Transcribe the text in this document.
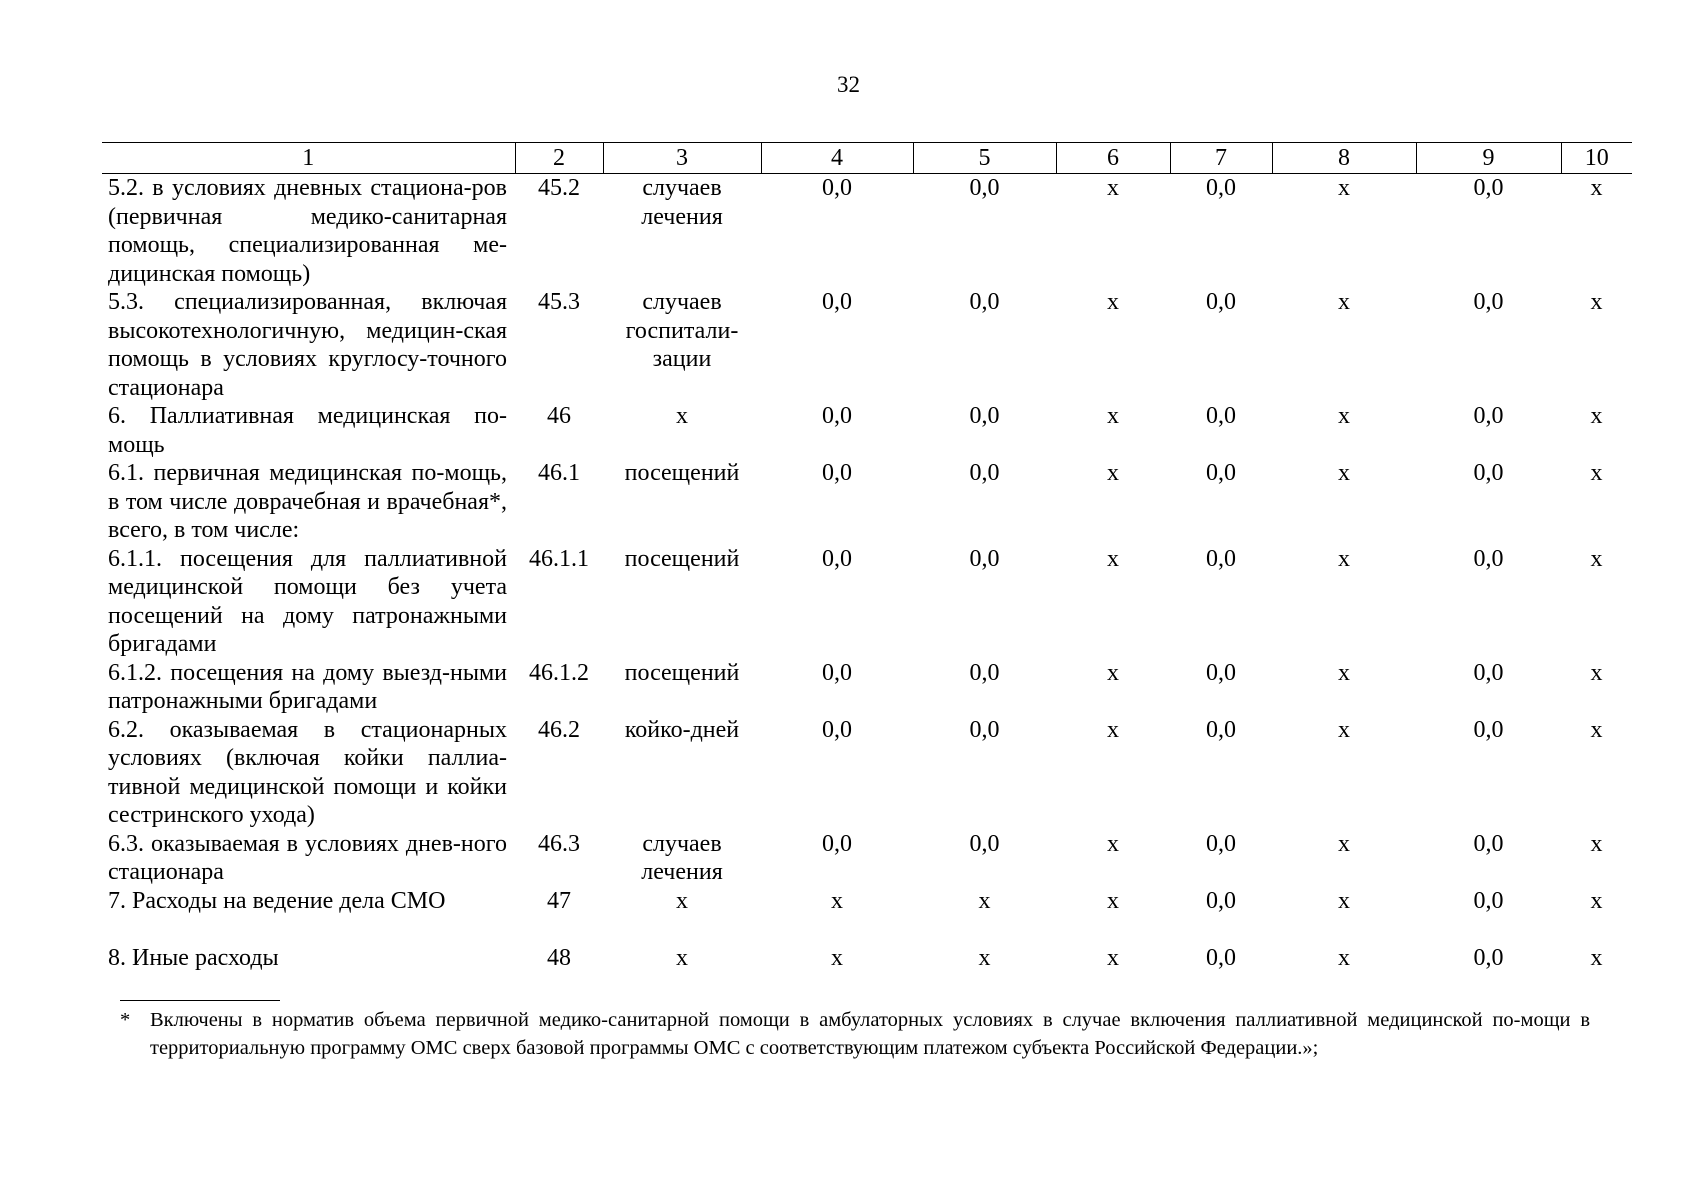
32
1	2	3	4	5	6	7	8	9	10
5.2. в условиях дневных стациона-ров (первичная медико-санитарная помощь, специализированная ме-дицинская помощь)	45.2	случаев лечения	0,0	0,0	x	0,0	x	0,0	x
5.3. специализированная, включая высокотехнологичную, медицин-ская помощь в условиях круглосу-точного стационара	45.3	случаев госпитали-зации	0,0	0,0	x	0,0	x	0,0	x
6. Паллиативная медицинская по-мощь	46	x	0,0	0,0	x	0,0	x	0,0	x
6.1. первичная медицинская по-мощь, в том числе доврачебная и врачебная*, всего, в том числе:	46.1	посещений	0,0	0,0	x	0,0	x	0,0	x
6.1.1. посещения для паллиативной медицинской помощи без учета посещений на дому патронажными бригадами	46.1.1	посещений	0,0	0,0	x	0,0	x	0,0	x
6.1.2. посещения на дому выезд-ными патронажными бригадами	46.1.2	посещений	0,0	0,0	x	0,0	x	0,0	x
6.2. оказываемая в стационарных условиях (включая койки паллиа-тивной медицинской помощи и койки сестринского ухода)	46.2	койко-дней	0,0	0,0	x	0,0	x	0,0	x
6.3. оказываемая в условиях днев-ного стационара	46.3	случаев лечения	0,0	0,0	x	0,0	x	0,0	x
7. Расходы на ведение дела СМО	47	x	x	x	x	0,0	x	0,0	x
8. Иные расходы	48	x	x	x	x	0,0	x	0,0	x
* Включены в норматив объема первичной медико-санитарной помощи в амбулаторных условиях в случае включения паллиативной медицинской по-мощи в территориальную программу ОМС сверх базовой программы ОМС с соответствующим платежом субъекта Российской Федерации.»;
